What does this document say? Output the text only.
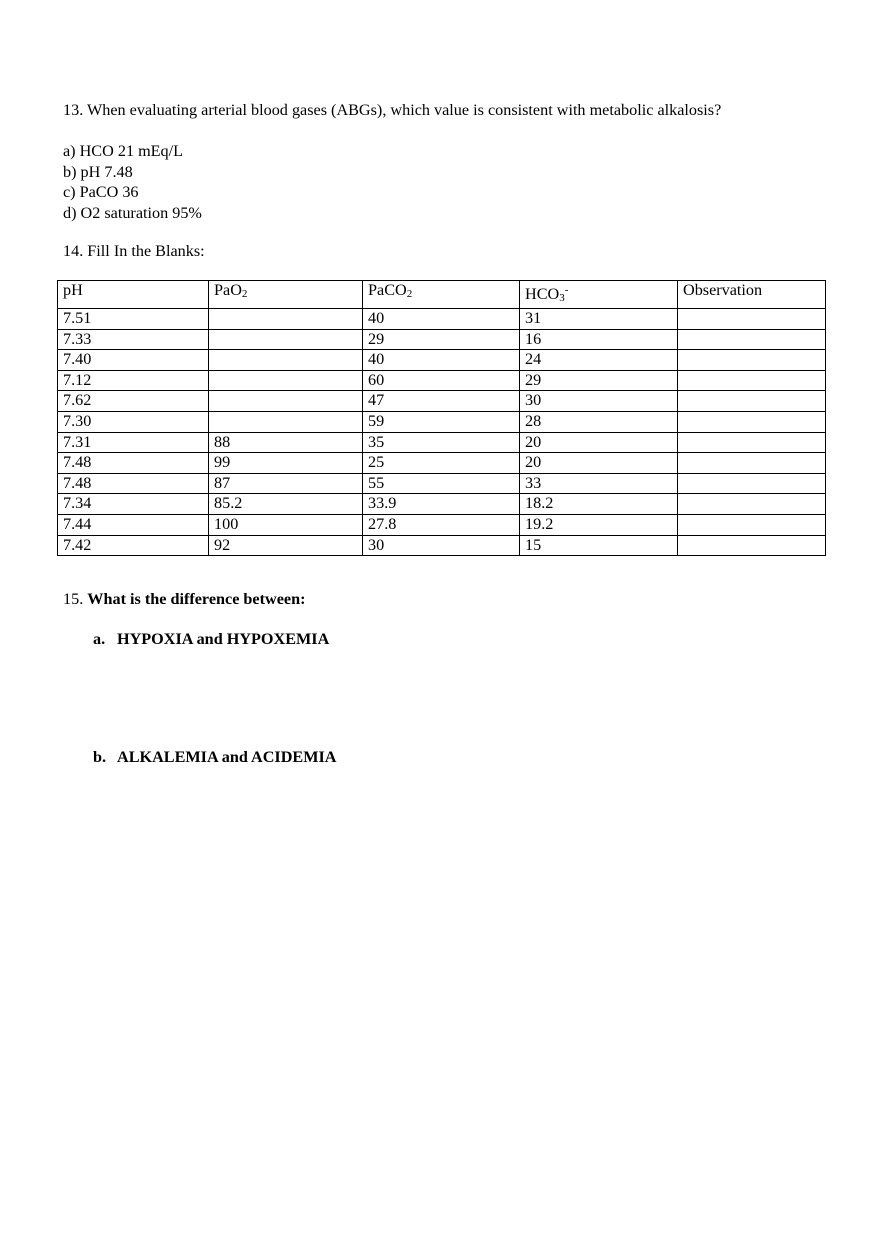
13. When evaluating arterial blood gases (ABGs), which value is consistent with metabolic alkalosis?
a) HCO 21 mEq/L
b) pH 7.48
c) PaCO 36
d) O2 saturation 95%
14. Fill In the Blanks:
pH	PaO2	PaCO2	HCO3-	Observation
7.51		40	31	
7.33		29	16	
7.40		40	24	
7.12		60	29	
7.62		47	30	
7.30		59	28	
7.31	88	35	20	
7.48	99	25	20	
7.48	87	55	33	
7.34	85.2	33.9	18.2	
7.44	100	27.8	19.2	
7.42	92	30	15	
15. What is the difference between:
a. HYPOXIA and HYPOXEMIA
b. ALKALEMIA and ACIDEMIA
